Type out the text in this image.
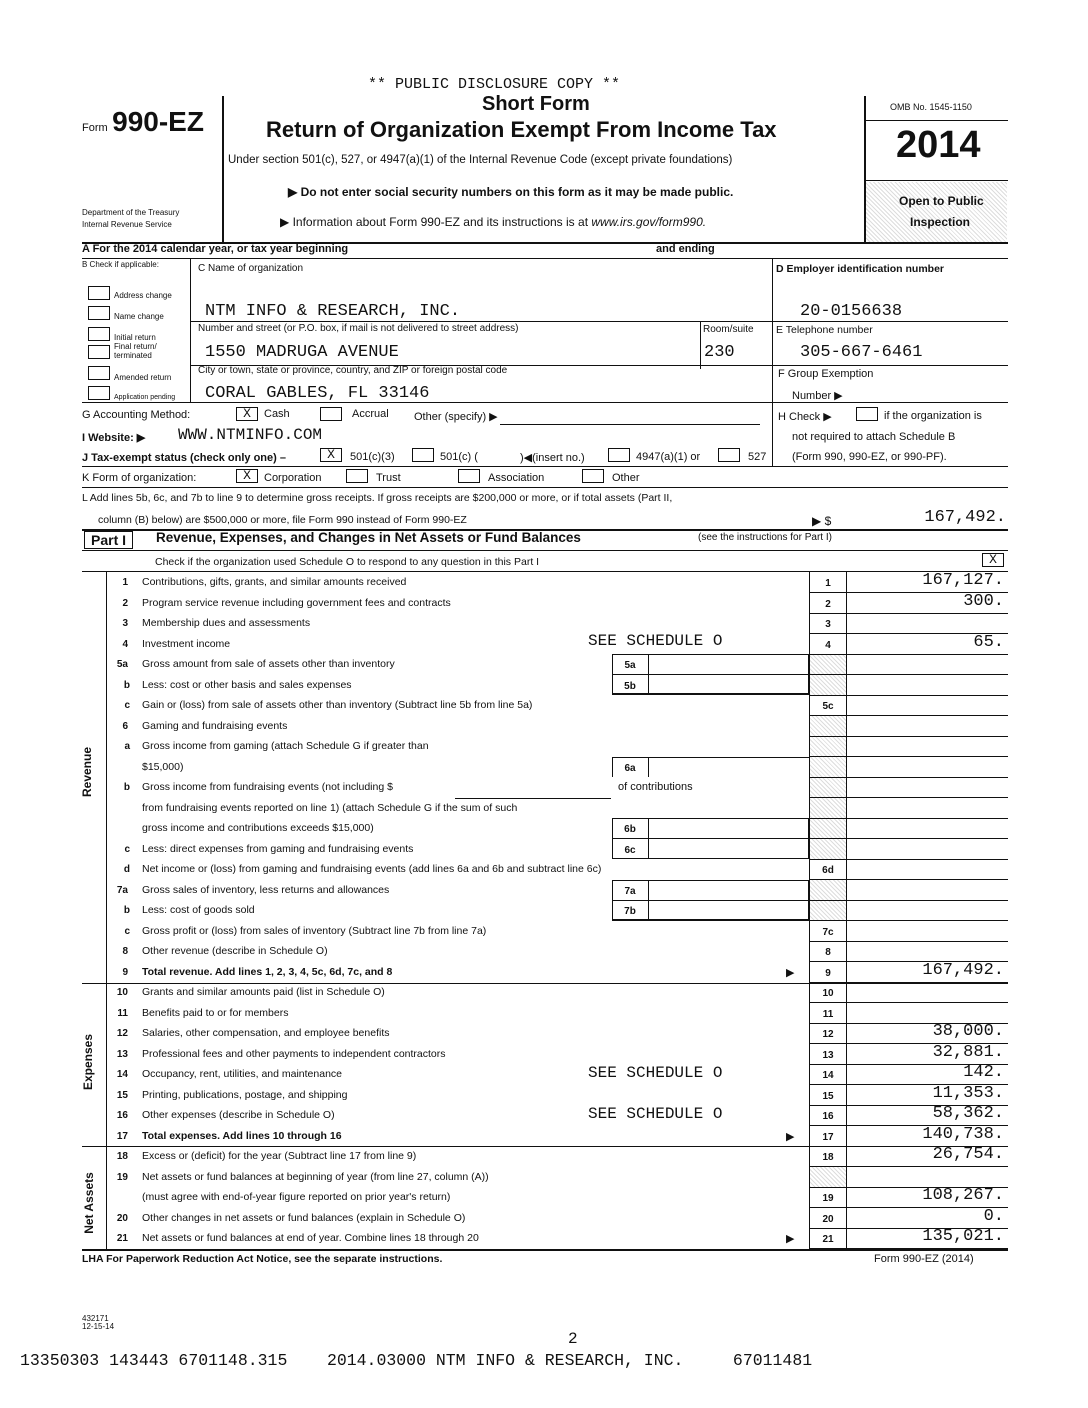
** PUBLIC DISCLOSURE COPY **
Form 990-EZ
Short Form
Return of Organization Exempt From Income Tax
Under section 501(c), 527, or 4947(a)(1) of the Internal Revenue Code (except private foundations)
▶ Do not enter social security numbers on this form as it may be made public.
▶ Information about Form 990-EZ and its instructions is at www.irs.gov/form990.
Department of the Treasury
Internal Revenue Service
OMB No. 1545-1150
2014
Open to Public
Inspection
A For the 2014 calendar year, or tax year beginning	and ending
B Check if applicable:
Address change
Name change
Initial return
Final return/ terminated
Amended return
Application pending
C Name of organization
NTM INFO & RESEARCH, INC.
Number and street (or P.O. box, if mail is not delivered to street address)	Room/suite
1550 MADRUGA AVENUE	230
City or town, state or province, country, and ZIP or foreign postal code
CORAL GABLES, FL 33146
D Employer identification number
20-0156638
E Telephone number
305-667-6461
F Group Exemption
Number ▶
G Accounting Method:	X	Cash	Accrual Other (specify) ▶	H Check ▶	if the organization is
not required to attach Schedule B
(Form 990, 990-EZ, or 990-PF).
I Website: ▶ WWW.NTMINFO.COM
J Tax-exempt status (check only one) –	X	501(c)(3)	501(c) (	)◀(insert no.)	4947(a)(1) or	527
K Form of organization:	X	Corporation	Trust	Association	Other
L Add lines 5b, 6c, and 7b to line 9 to determine gross receipts. If gross receipts are $200,000 or more, or if total assets (Part II,
column (B) below) are $500,000 or more, file Form 990 instead of Form 990-EZ	▶ $	167,492.
Part I	Revenue, Expenses, and Changes in Net Assets or Fund Balances	(see the instructions for Part I)
Check if the organization used Schedule O to respond to any question in this Part I	X
Revenue
Expenses
Net Assets
1 Contributions, gifts, grants, and similar amounts received	1	167,127.
2 Program service revenue including government fees and contracts	2	300.
3 Membership dues and assessments	3
4 Investment income	4	65.
5a Gross amount from sale of assets other than inventory	5a
b Less: cost or other basis and sales expenses	5b
c Gain or (loss) from sale of assets other than inventory (Subtract line 5b from line 5a)	5c
6 Gaming and fundraising events
a Gross income from gaming (attach Schedule G if greater than
$15,000)	6a
b Gross income from fundraising events (not including $
from fundraising events reported on line 1) (attach Schedule G if the sum of such
gross income and contributions exceeds $15,000)	6b
c Less: direct expenses from gaming and fundraising events	6c
d Net income or (loss) from gaming and fundraising events (add lines 6a and 6b and subtract line 6c)	6d
7a Gross sales of inventory, less returns and allowances	7a
b Less: cost of goods sold	7b
c Gross profit or (loss) from sales of inventory (Subtract line 7b from line 7a)	7c
8 Other revenue (describe in Schedule O)	8
9 Total revenue. Add lines 1, 2, 3, 4, 5c, 6d, 7c, and 8	9	167,492.
▶
10 Grants and similar amounts paid (list in Schedule O)	10
11 Benefits paid to or for members	11
12 Salaries, other compensation, and employee benefits	12	38,000.
13 Professional fees and other payments to independent contractors	13	32,881.
14 Occupancy, rent, utilities, and maintenance	14	142.
15 Printing, publications, postage, and shipping	15	11,353.
16 Other expenses (describe in Schedule O)	16	58,362.
17 Total expenses. Add lines 10 through 16	17	140,738.
▶
18 Excess or (deficit) for the year (Subtract line 17 from line 9)	18	26,754.
19 Net assets or fund balances at beginning of year (from line 27, column (A))
(must agree with end-of-year figure reported on prior year's return)	19	108,267.
20 Other changes in net assets or fund balances (explain in Schedule O)	20	0.
21 Net assets or fund balances at end of year. Combine lines 18 through 20	21	135,021.
▶
SEE SCHEDULE O
SEE SCHEDULE O
SEE SCHEDULE O
of contributions
LHA For Paperwork Reduction Act Notice, see the separate instructions.	Form 990-EZ (2014)
432171
12-15-14
2
13350303 143443 6701148.315    2014.03000 NTM INFO & RESEARCH, INC.     67011481
